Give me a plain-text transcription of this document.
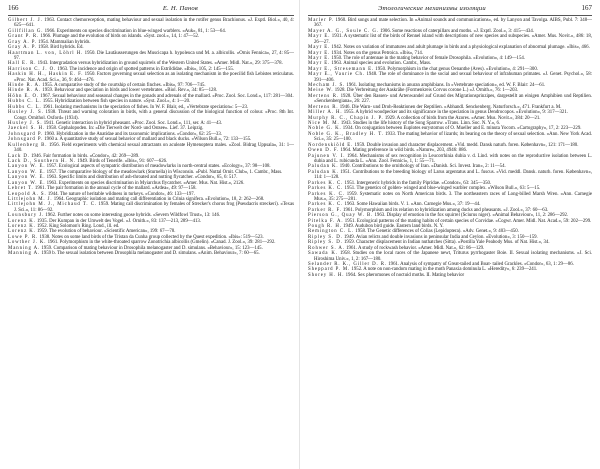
166	Е. Н. Панов

Gilbert J. J. 1963. Contact chemoreception, mating behaviour and sexual isolation in the rotifer genus Brachionus. «J. Exptl. Biol.», 40, 4: 625—641.

Gillfillan G. 1966. Experiments on species discrimination in blue-winged warblers. «Auk», 81, 1: 53—64.

Grant P. R. 1966. Plumage and the evolution of birds on islands. «Syst. zool.», 14, 1: 47—52.

Gray A. P. 1954. Mammalian hybrids.

Gray A. P. 1958. Bird hybrids. Ed.

Haartman L. von, Löhrl H. 1950. Die Lautäusserungen des Muscicapa h. hypoleuca und M. a. albicollis. «Ornis Fennica», 27, 4: 85—97.

Hall E. R. 1943. Intergradation versus hybridization in ground squirrels of the Western United States. «Amer. Midl. Nat.», 29: 375—378.

Harrison C. J. O. 1963. The incidence and origin of spotted patterns in Estrildidae. «Ibis», 105, 2: 145—155.

Haskin H. H., Haskin E. F. 1950. Factors governing sexual selection as an isolating mechanism in the poecilid fish Lebistes reticulatus. «Proc. Nat. Acad. Sci.», 36, 9: 464—476.

Hinde R. A. 1955. A comparative study of the courtship of certain finches. «Ibis», 97: 706—745.

Hinde R. A. 1959. Behaviour and speciation in birds and lower vertebrates. «Biol. Rev.», 34: 85—128.

Höhn E. O. 1967. Sexual behaviour and seasonal changes in the gonads and adrenals of the mallard. «Proc. Zool. Soc. Lond.», 117: 281—304.

Hubbs C. L. 1955. Hybridization between fish species in nature. «Syst. Zool.», 4: 1—20.

Hubbs C. L. 1961. Isolating mechanisms in the speciation of fishes. In W. F. Blair, ed., «Vertebrate speciation»: 5—23.

Huxley J. S. 1938. Threat and warning coloration in birds, with a general discussion of the biological function of colour. «Proc. 8th Int. Congr. Ornithol. Oxford» (1934).

Huxley J. S. 1941. Genetic interaction in hybrid pheasant. «Proc. Zool. Soc. Lond.», 111, ser. A: 41—43.

Jaeckel S. H. 1958. Cephalopoden. In: «Die Tierwelt der Nord- und Ostsee». Lief. 37. Leipzig.

Johnsgard P. 1960. Hybridization in the Anatidae and its taxonomic implications. «Condor», 62: 25—33.

Johnsgard P. 1960 a. A quantitative study of sexual behavior of mallard and black ducks. «Wilson Bull.», 72: 133—155.

Kullenberg B. 1956. Field experiments with chemical sexual attractants on aculeate Hymenoptera males. «Zool. Bidrag Uppsala», 31: 1—340.

Lack D. 1946. Fair formation in birds. «Condor», 42: 269—289.

Lack D., Southern H. N. 1949. Birds of Tenerife. «Ibis», 91: 607—626.

Lanyon W. E. 1957. Ecological aspects of sympatric distribution of meadowlarks in north-central states. «Ecology», 37: 98—108.

Lanyon W. E. 1957. The comparative biology of the meadowlark (Sturnella) in Wisconsin. «Publ. Nuttal Ornit. Club», 1. Cambr., Mass.

Lanyon W. E. 1963. Specific limits and distribution of ash-throated and nutting flycatcher. «Condor», 65, 6: 517.

Lanyon W. E. 1963. Experiments on species discrimination in Myiarchus flycatcher. «Amer. Mus. Nat. Hist.», 2126.

Lebret T. 1961. The pair formation in the annual cycle of the mallard. «Ardea», 49: 97—158.

Leopold A. S. 1944. The nature of heritable wildness in turkeys. «Condor», 46: 133—197.

Littlejohn M. J. 1964. Geographic isolation and mating call differentiation in Crinia signifera. «Evolution», 18, 2: 262—268.

Littlejohn M. J., Michaud T. C. 1959. Mating call discrimination by females of Strecker's chorus frog (Pseudacris streckeri). «Texas J. Sci.», 11: 86—92.

Lounsbury J. 1962. Further notes on some interesting goose hybrids. «Severn Wildfowl Trust», 13: 146.

Lorenz K. 1935. Der Kumpan in der Umwelt des Vogel. «J. Ornith.», 83: 137—213, 289—413.

Lorenz K. 1952. King Solomon's Ring. Lond., ill. ed.

Lorenz K. 1959. The evolution of behaviour. «Scientific American», 199: 67—78.

Lowe P. R. 1938. Notes on some land birds of the Tristan da Cunha group collected by the Quest expedition. «Ibis»: 519—523.

Lowther J. K. 1961. Polymorphism in the white-throated sparrow Zonotrichia albicollis (Gmelin). «Canad. J. Zool.», 39: 281—292.

Manning A. 1959. Comparison of mating behaviour in Drosophila melanogaster and D. simulans. «Behaviour», 15: 123—145.

Manning A. 1959 b. The sexual isolation between Drosophila melanogaster and D. simulans. «Anim. Behaviour», 7: 60—65.

Этологические механизмы изоляции	167

Marler P. 1960. Bird songs and mate selection. In «Animal sounds and communications», ed. by Lanyon and Tavolga. AIBS, Publ. 7: 348—367.

Mayer A. G., Soule C. G. 1906. Some reactions of caterpillars and moths. «J. Exptl. Zool.», 3: 415—434.

Mayr E. 1931. A systematic list of the birds of Rennel island with descriptions of new species and subspecies. «Amer. Mus. Novit.», 486: 18, 26—27.

Mayr E. 1942. Notes on variation of immatures and adult plumage in birds and a physiological explanation of abnormal plumage. «Ibis», 466.

Mayr E. 1934. Notes on the genus Petroica. «Ibis», 714.

Mayr E. 1950. The role of antennae in the mating behavior of female Drosophila. «Evolution», 4: 149—154.

Mayr E. 1963. Animal species and evolution. Cambr., Mass.

Mayr E., Stresemann E. 1950. Polymorphism in the chat genus Oenanthe (Aves). «Evolution», 4: 291—300.

Mayr E., Vaurie Ch. 1948. The role of dominance in the social and sexual behaviour of infrahuman primates. «J. Genet. Psychol.», 58: 391—406.

Mecham J. S. 1961. Isolating mechanisms in anuran amphibians. In «Vertebrate speciation», ed. W. F. Blair: 24—61.

Meise W. 1928. Die Verbreitung der Aaskrähe (Formenkreis Corvus corone L.) «J. Ornith.», 76: 1—203.

Mertens R. 1928. Über den Rassen- und Artenwandel auf Grund des Migrationsprinzipes, dargestellt an einigen Amphibien und Reptilien. «Senckenbergiana», 26: 227.

Mertens R. 1946. Die Warn- und Droh-Reaktionen der Reptilien. «Abhandl. Senckenberg. Naturforsch.», 471. Frankfurt a. M.

Miller A. H. 1955. A hybrid woodpecker and its significance in the speciation in genus Dendrocopos. «Evolution», 9: 317—321.

Murphy R. C., Chapin J. P. 1929. A collection of birds from the Azores. «Amer. Mus. Novit.», 384: 20—21.

Nice M. M. 1943. Studies in the life history of the Song Sparrow. «Trans. Linn. Soc. N. Y.», 6.

Noble G. K. 1934. On conjugation between Euplotes eurystomus of O. Mueller and E. minuta Yocom. «Cartography», 17, 2: 223—229.

Noble G. K., Bradley H. T. 1933. The mating behavior of lizards; its bearing on the theory of sexual selection. «Ann. New York Acad. Sci.», 35: 25—100.

Nordenskiöld E. 1959. Double invasion and character displacement. «Vid. medd. Dansk naturh. foren. København», 121: 171—180.

Owen D. F. 1964. Mating preference in wild birds. «Nature», 203, 4946: 886.

Pajunen V. I. 1964. Mechanisms of sex recognition in Leucorrhinia dubia v. d. Lind. with notes on the reproductive isolation between L. dubia and L. rubicunda L. «Ann. Zool. Fennici», 1, 1: 55—71.

Paludan K. 1940. Contributions to the ornithology of Iran. «Danish. Sci. Invest. Iran», 2: 11—54.

Paludan K. 1951. Contributions to the breeding biology of Larus argentatus and L. fuscus. «Vid. meddl. Dansk. naturh. foren. København», 114: 1—128.

Parkes K. C. 1951. Intergeneric hybrids in the family Pipridae. «Condor», 63: 345—350.

Parkes K. C. 1951. The genetics of golden- winged and blue-winged warbler complex. «Wilson Bull.», 63: 5—15.

Parkes K. C. 1959. Systematic notes on North American birds. 3. The northeastern races of Long-billed Marsh Wren. «Ann. Carnegie Mus.», 35: 275—281.

Parkes K. C. 1963. Some Hawaiian birds. V. 1. «Ann. Carnegie Mus.», 37: 19—44.

Parker R. F. 1961. Polymorphism and its relation to hybridization among ducks and pheasants. «J. Zool.», 37: 60—63.

Pierson G., Quay W. B. 1963. Display of emotion in the fox squirrel (Sciurus niger). «Animal Behaviour», 11, 2: 286—292.

Pitelka F. A. 1951. Ecological patterns of the mating habits of certain species of Corvidae. «Cogwr. Amer. Midl. Nat. Acad.», 59: 202—299.

Pough R. H. 1949. Audubon bird guide. Eastern land birds. N. Y.

Remington C. L. 1958. The Genetic differences of Colias (Lepidoptera). «Adv. Genet.», 9: 403—450.

Ripley S. D. 1949. Avian relicts and double invasions in peninsular India and Ceylon. «Evolution», 3: 150—159.

Ripley S. D. 1959. Character displacement in Indian nuthatches (Sitta). «Postilla Yale Peabody Mus. of Nat. Hist.», 34.

Rohwer S. A. 1961. A study of rockwash behavior. «Amer. Midl. Nat.», 62: 86—129.

Sawada K. 1958. Studies on the local races of the Japanese newt, Triturus pyrrhogaster Boie. II. Sexual isolating mechanisms. «J. Sci. Hiroshima Univ.», 1, 2: 167—180.

Selander R. K., Giller D. R. 1961. Analysis of sympatry of Great-tailed and Boat- tailed Grackles. «Condor», 63, 1: 29—86.

Sheppard P. M. 1952. A note on non-random mating in the moth Panaxia dominula L. «Heredity», 6: 239—241.

Shorey H. H. 1964. Sex pheromones of noctuid moths. II. Mating behavior
